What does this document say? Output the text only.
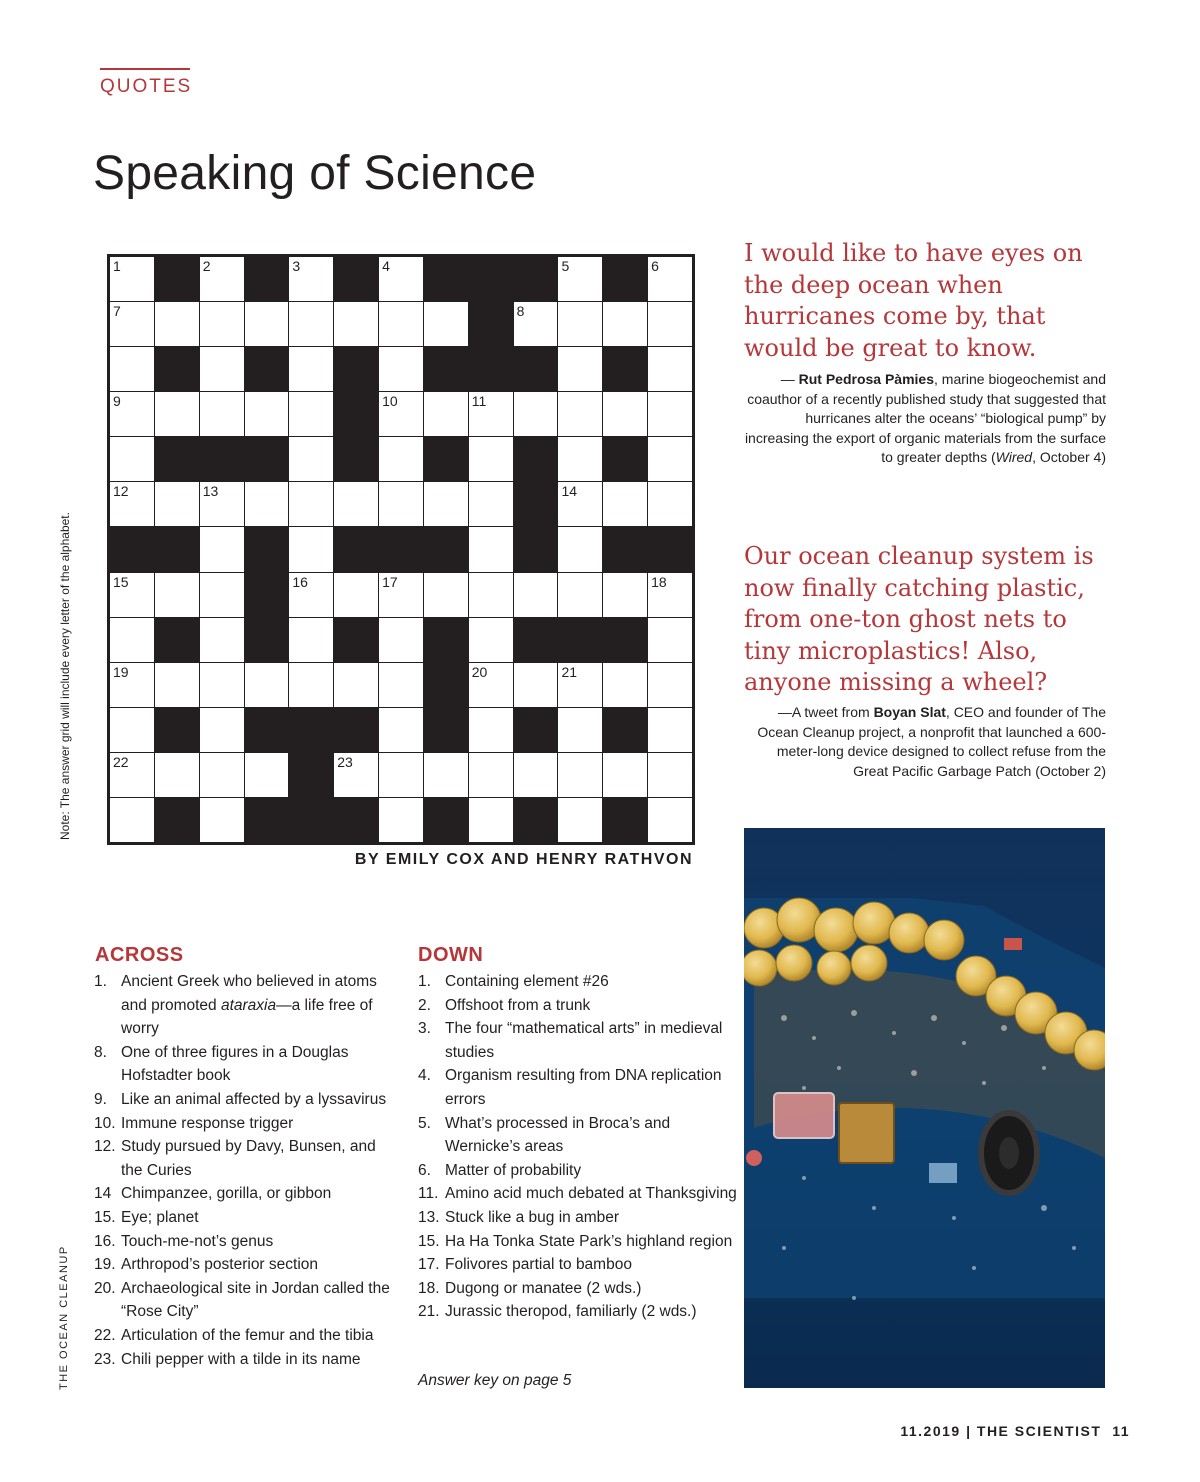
QUOTES
Speaking of Science
Note: The answer grid will include every letter of the alphabet.
THE OCEAN CLEANUP
1	2	3	4	5	6
7	8
9	10	11
12	13	14
15	16	17	18
19	20	21
22	23
BY EMILY COX AND HENRY RATHVON
I would like to have eyes on the deep ocean when hurricanes come by, that would be great to know.
— Rut Pedrosa Pàmies, marine biogeochemist and coauthor of a recently published study that suggested that hurricanes alter the oceans’ “biological pump” by increasing the export of organic materials from the surface to greater depths (Wired, October 4)
Our ocean cleanup system is now finally catching plastic, from one-ton ghost nets to tiny microplastics! Also, anyone missing a wheel?
—A tweet from Boyan Slat, CEO and founder of The Ocean Cleanup project, a nonprofit that launched a 600-meter-long device designed to collect refuse from the Great Pacific Garbage Patch (October 2)
ACROSS
1. Ancient Greek who believed in atoms and promoted ataraxia—a life free of worry
8. One of three figures in a Douglas Hofstadter book
9. Like an animal affected by a lyssavirus
10. Immune response trigger
12. Study pursued by Davy, Bunsen, and the Curies
14 Chimpanzee, gorilla, or gibbon
15. Eye; planet
16. Touch-me-not’s genus
19. Arthropod’s posterior section
20. Archaeological site in Jordan called the “Rose City”
22. Articulation of the femur and the tibia
23. Chili pepper with a tilde in its name
DOWN
1. Containing element #26
2. Offshoot from a trunk
3. The four “mathematical arts” in medieval studies
4. Organism resulting from DNA replication errors
5. What’s processed in Broca’s and Wernicke’s areas
6. Matter of probability
11. Amino acid much debated at Thanksgiving
13. Stuck like a bug in amber
15. Ha Ha Tonka State Park’s highland region
17. Folivores partial to bamboo
18. Dugong or manatee (2 wds.)
21. Jurassic theropod, familiarly (2 wds.)
Answer key on page 5
11.2019 | THE SCIENTIST 11
